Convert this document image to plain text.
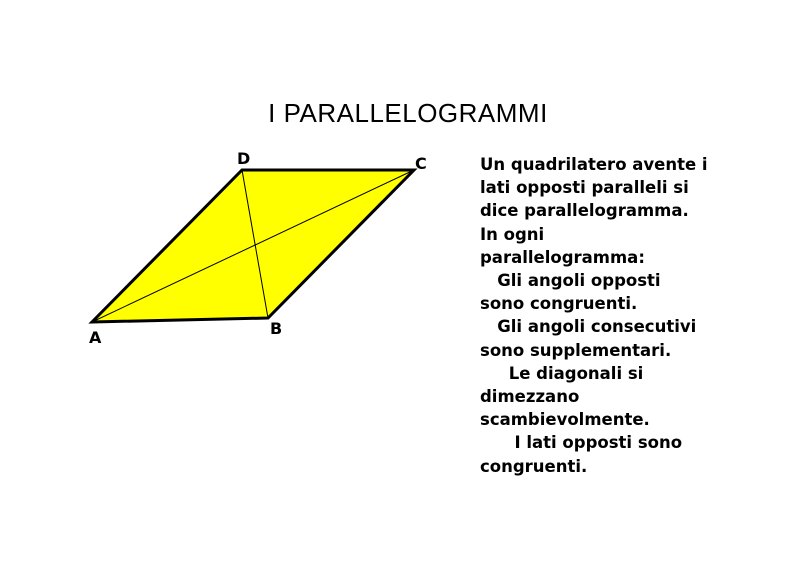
I PARALLELOGRAMMI
A	B
C
D	Un quadrilatero avente i
lati opposti paralleli si
dice parallelogramma.
In ogni
parallelogramma:
Gli angoli opposti
sono congruenti.
Gli angoli consecutivi
sono supplementari.
Le diagonali si
dimezzano
scambievolmente.
I lati opposti sono
congruenti.
